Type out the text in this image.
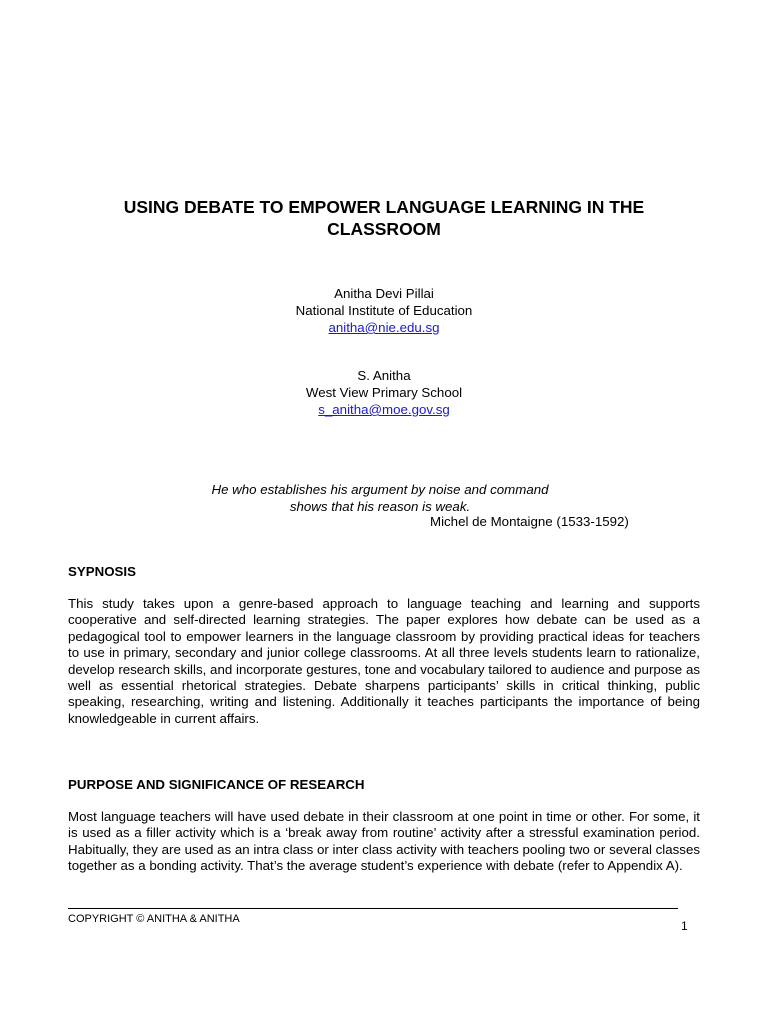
USING DEBATE TO EMPOWER LANGUAGE LEARNING IN THE CLASSROOM
Anitha Devi Pillai
National Institute of Education
anitha@nie.edu.sg
S. Anitha
West View Primary School
s_anitha@moe.gov.sg
He who establishes his argument by noise and command
shows that his reason is weak.
Michel de Montaigne (1533-1592)
SYPNOSIS
This study takes upon a genre-based approach to language teaching and learning and supports cooperative and self-directed learning strategies. The paper explores how debate can be used as a pedagogical tool to empower learners in the language classroom by providing practical ideas for teachers to use in primary, secondary and junior college classrooms. At all three levels students learn to rationalize, develop research skills, and incorporate gestures, tone and vocabulary tailored to audience and purpose as well as essential rhetorical strategies. Debate sharpens participants’ skills in critical thinking, public speaking, researching, writing and listening. Additionally it teaches participants the importance of being knowledgeable in current affairs.
PURPOSE AND SIGNIFICANCE OF RESEARCH
Most language teachers will have used debate in their classroom at one point in time or other. For some, it is used as a filler activity which is a ‘break away from routine’ activity after a stressful examination period. Habitually, they are used as an intra class or inter class activity with teachers pooling two or several classes together as a bonding activity. That’s the average student’s experience with debate (refer to Appendix A).
COPYRIGHT © ANITHA & ANITHA	1
